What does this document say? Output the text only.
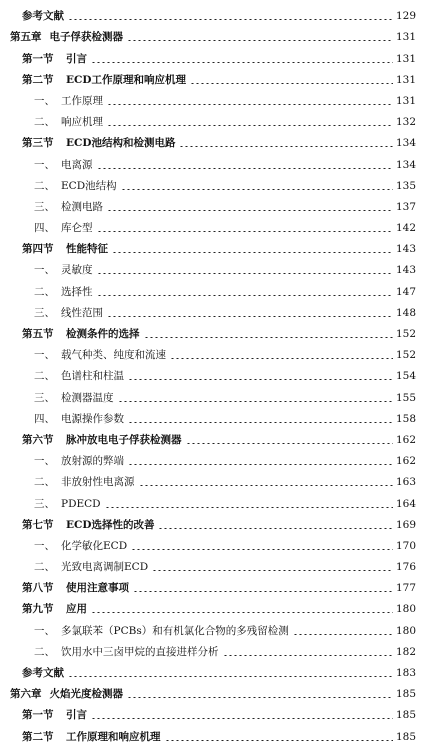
参考文献	129
第五章 电子俘获检测器	131
第一节 引言	131
第二节 ECD工作原理和响应机理	131
一、 工作原理	131
二、 响应机理	132
第三节 ECD池结构和检测电路	134
一、 电离源	134
二、 ECD池结构	135
三、 检测电路	137
四、 库仑型	142
第四节 性能特征	143
一、 灵敏度	143
二、 选择性	147
三、 线性范围	148
第五节 检测条件的选择	152
一、 载气种类、纯度和流速	152
二、 色谱柱和柱温	154
三、 检测器温度	155
四、 电源操作参数	158
第六节 脉冲放电电子俘获检测器	162
一、 放射源的弊端	162
二、 非放射性电离源	163
三、 PDECD	164
第七节 ECD选择性的改善	169
一、 化学敏化ECD	170
二、 光致电离调制ECD	176
第八节 使用注意事项	177
第九节 应用	180
一、 多氯联苯（PCBs）和有机氯化合物的多残留检测	180
二、 饮用水中三卤甲烷的直接进样分析	182
参考文献	183
第六章 火焰光度检测器	185
第一节 引言	185
第二节 工作原理和响应机理	185
